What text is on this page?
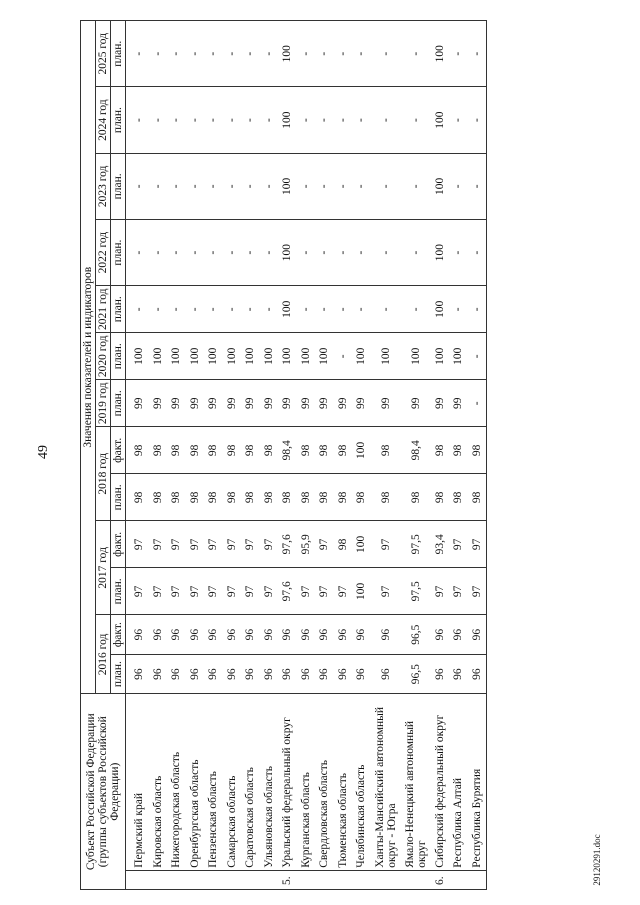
49
29120291.doc
Субъект Российской Федерации (группы субъектов Российской Федерации)		Значения показателей и индикаторов												
		2016 год		2017 год		2018 год		2019 год	2020 год	2021 год	2022 год	2023 год	2024 год	2025 год

		план.	факт.	план.	факт.	план.	факт.	план.	план.	план.	план.	план.	план.	план.
	Пермский край	96	96	97	97	98	98	99	100	-	-	-	-	-
	Кировская область	96	96	97	97	98	98	99	100	-	-	-	-	-
	Нижегородская область	96	96	97	97	98	98	99	100	-	-	-	-	-
	Оренбургская область	96	96	97	97	98	98	99	100	-	-	-	-	-
	Пензенская область	96	96	97	97	98	98	99	100	-	-	-	-	-
	Самарская область	96	96	97	97	98	98	99	100	-	-	-	-	-
	Саратовская область	96	96	97	97	98	98	99	100	-	-	-	-	-
	Ульяновская область	96	96	97	97	98	98	99	100	-	-	-	-	-
5.	Уральский федеральный округ	96	96	97,6	97,6	98	98,4	99	100	100	100	100	100	100
	Курганская область	96	96	97	95,9	98	98	99	100	-	-	-	-	-
	Свердловская область	96	96	97	97	98	98	99	100	-	-	-	-	-
	Тюменская область	96	96	97	98	98	98	99	-	-	-	-	-	-
	Челябинская область	96	96	100	100	98	100	99	100	-	-	-	-	-
	Ханты-Мансийский автономный округ - Югра	96	96	97	97	98	98	99	100	-	-	-	-	-
	Ямало-Ненецкий автономный округ	96,5	96,5	97,5	97,5	98	98,4	99	100	-	-	-	-	-
6.	Сибирский федеральный округ	96	96	97	93,4	98	98	99	100	100	100	100	100	100
	Республика Алтай	96	96	97	97	98	98	99	100	-	-	-	-	-
	Республика Бурятия	96	96	97	97	98	98	-	-	-	-	-	-	-
